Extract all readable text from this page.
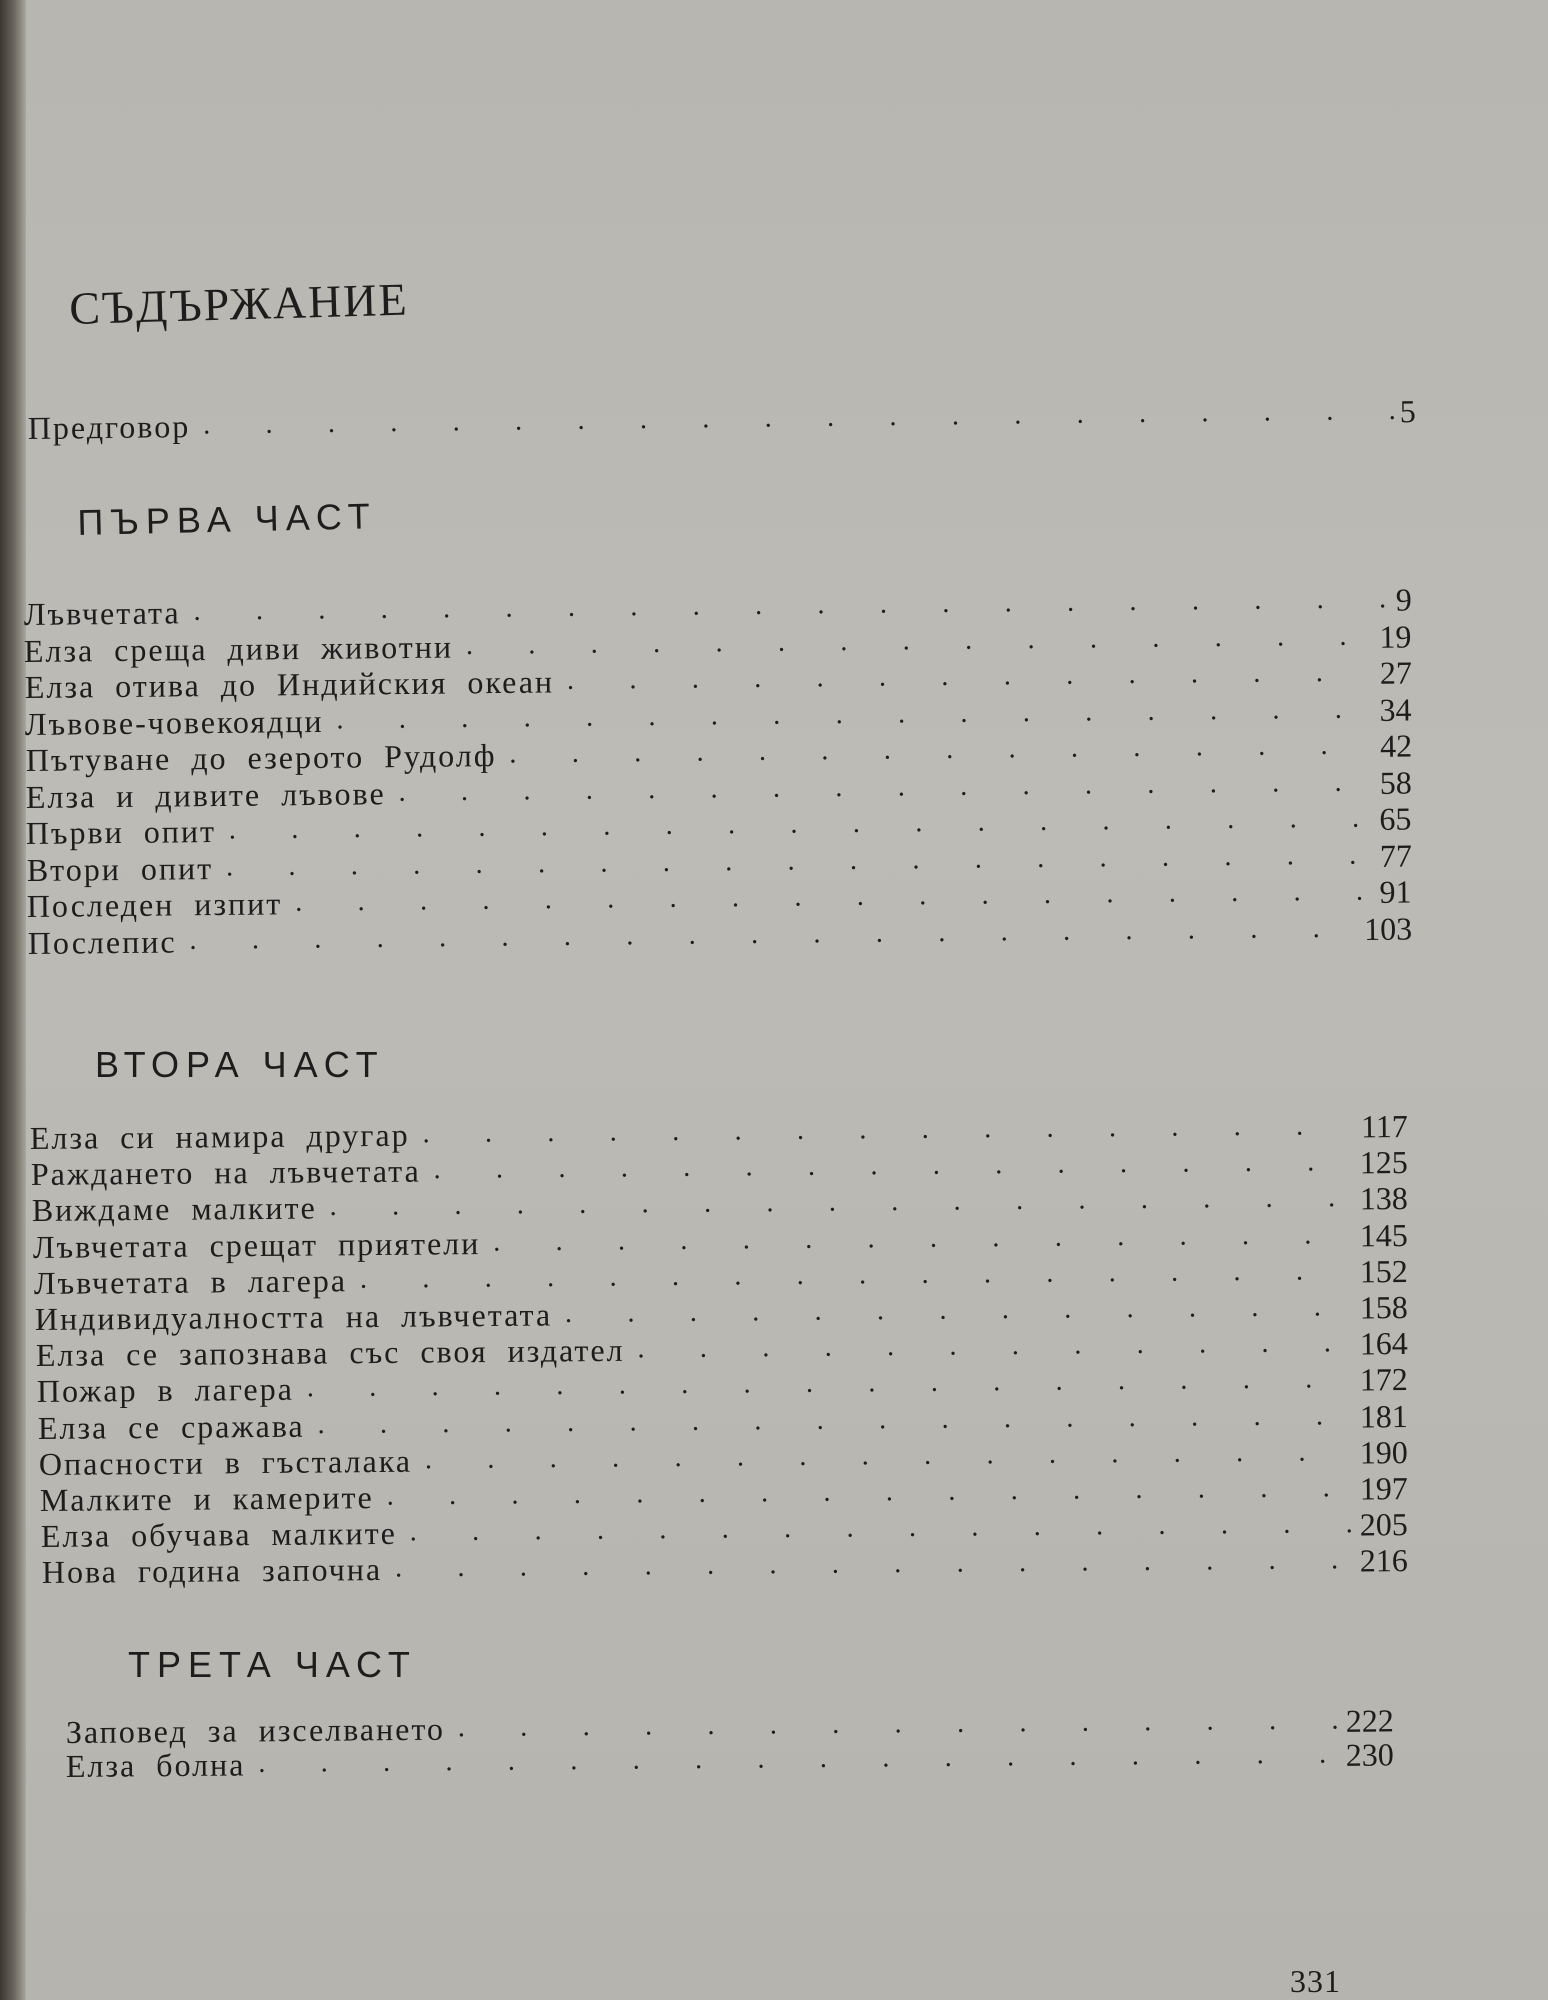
СЪДЪРЖАНИЕ
Предговор •	5
ПЪРВА ЧАСТ
Лъвчетата •	9
Елза среща диви животни •	19
Елза отива до Индийския океан •	27
Лъвове-човекоядци •	34
Пътуване до езерото Рудолф •	42
Елза и дивите лъвове •	58
Първи опит •	65
Втори опит •	77
Последен изпит •	91
Послепис •	103
ВТОРА ЧАСТ
Елза си намира другар •	117
Раждането на лъвчетата •	125
Виждаме малките •	138
Лъвчетата срещат приятели •	145
Лъвчетата в лагера •	152
Индивидуалността на лъвчетата •	158
Елза се запознава със своя издател •	164
Пожар в лагера •	172
Елза се сражава •	181
Опасности в гъсталака •	190
Малките и камерите •	197
Елза обучава малките •	205
Нова година започна •	216
ТРЕТА ЧАСТ
Заповед за изселването •	222
Елза болна •	230
331
